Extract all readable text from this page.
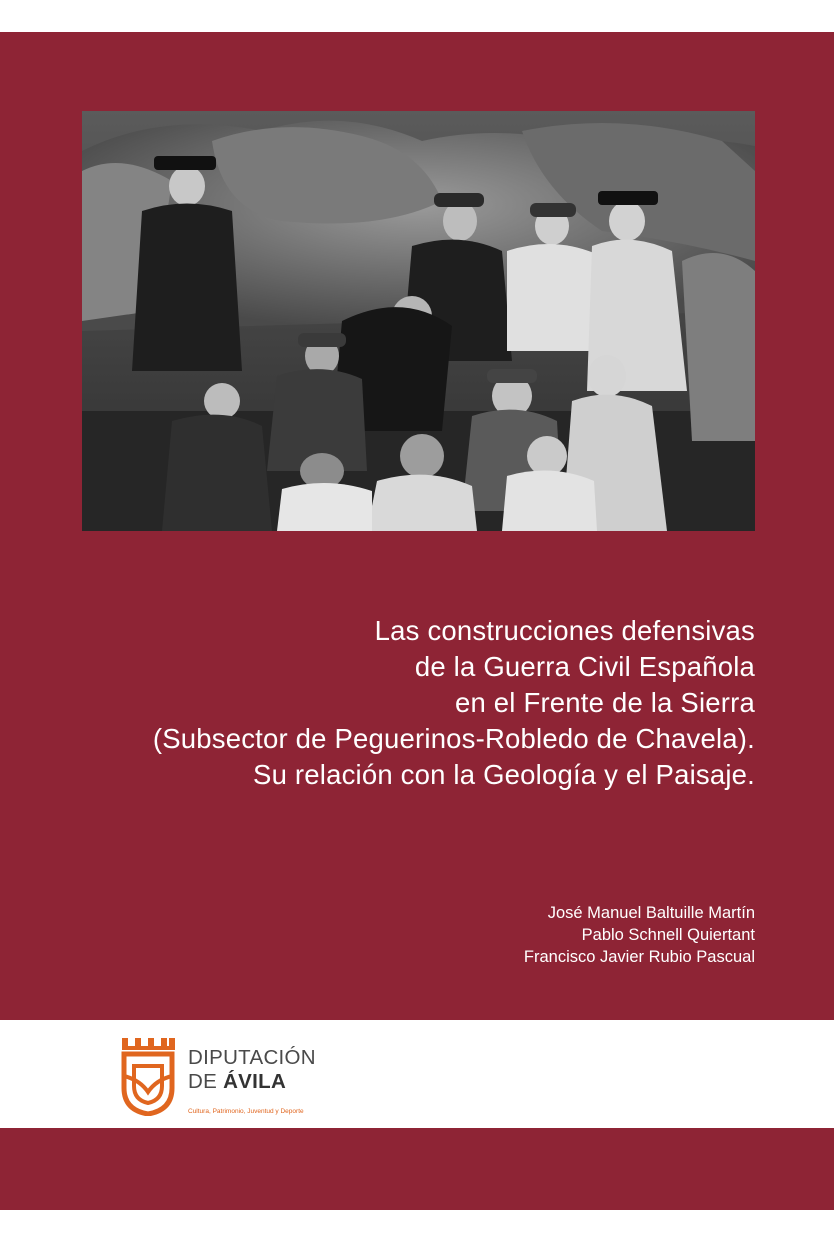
Las construcciones defensivas
de la Guerra Civil Española
en el Frente de la Sierra
(Subsector de Peguerinos-Robledo de Chavela).
Su relación con la Geología y el Paisaje.
José Manuel Baltuille Martín
Pablo Schnell Quiertant
Francisco Javier Rubio Pascual
DIPUTACIÓN
DE ÁVILA
Cultura, Patrimonio, Juventud y Deporte
